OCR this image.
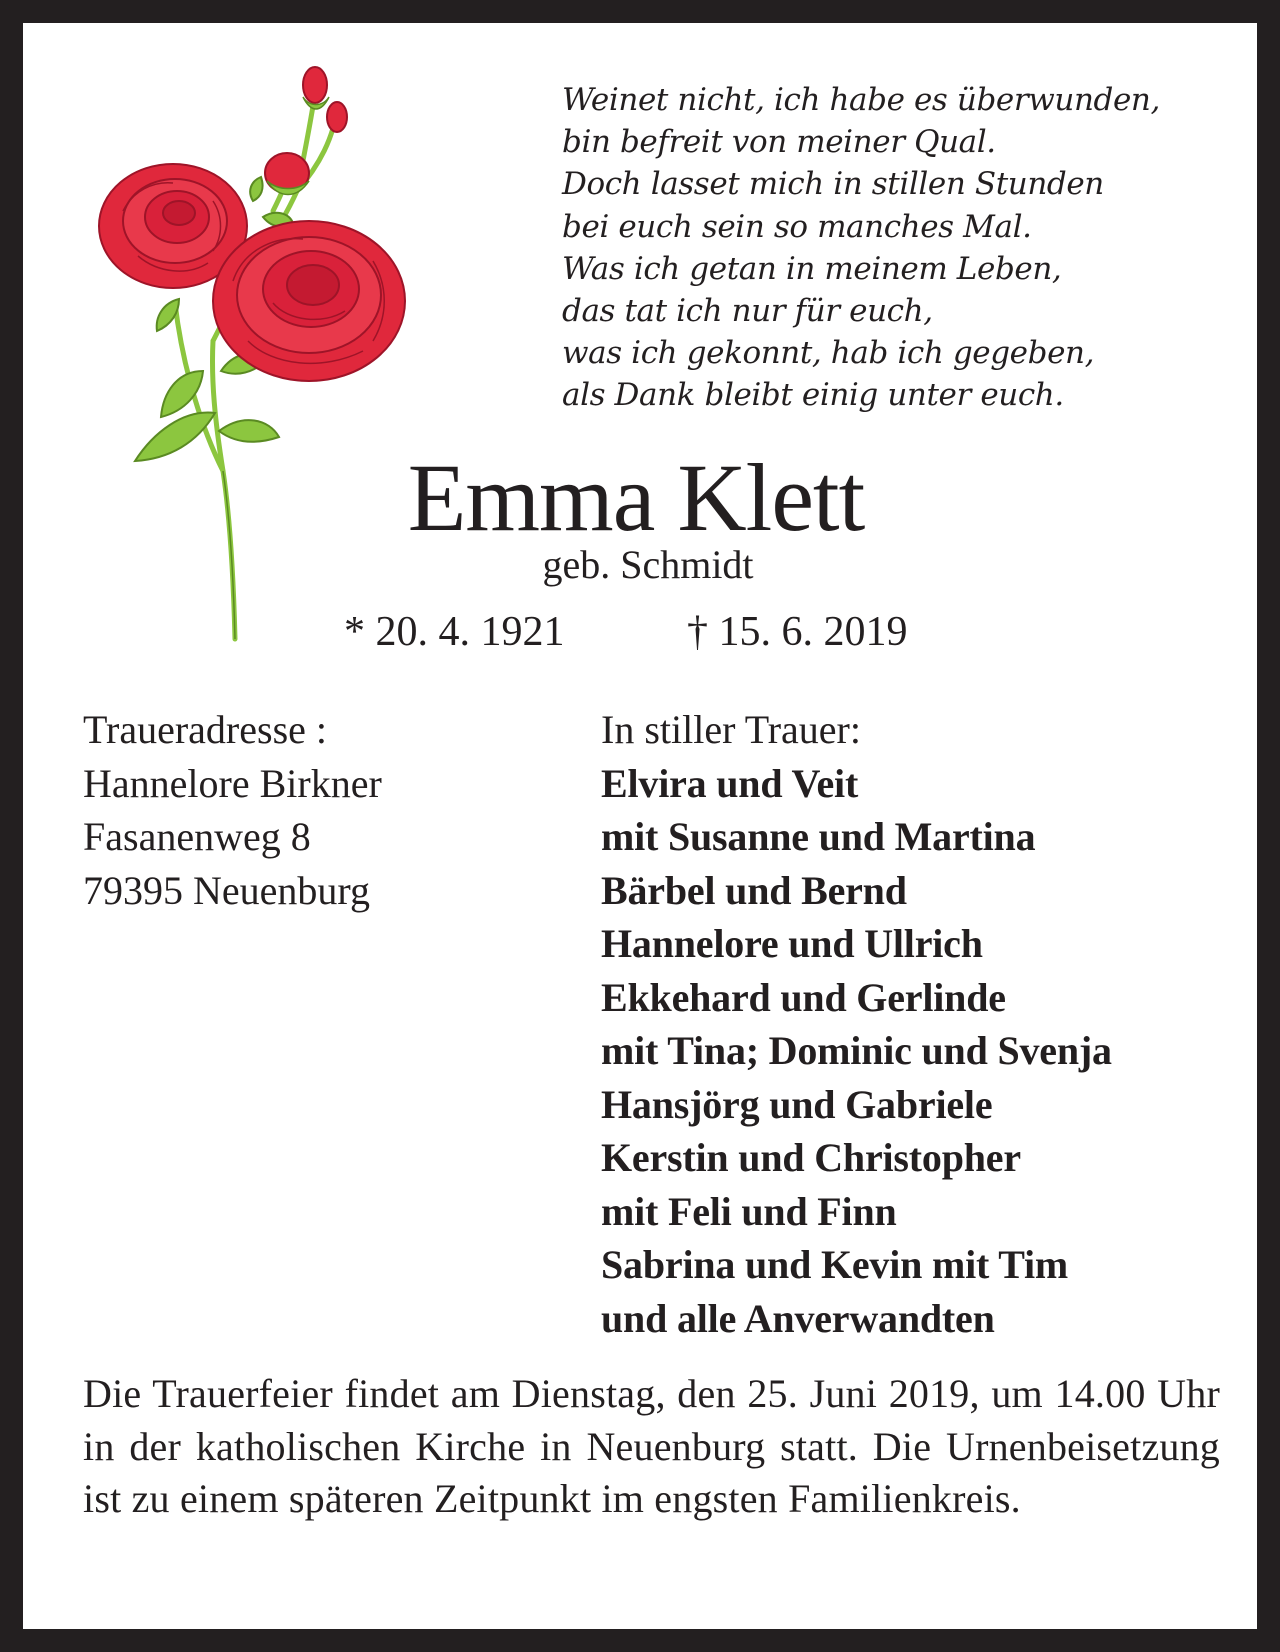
Weinet nicht, ich habe es überwunden,
bin befreit von meiner Qual.
Doch lasset mich in stillen Stunden
bei euch sein so manches Mal.
Was ich getan in meinem Leben,
das tat ich nur für euch,
was ich gekonnt, hab ich gegeben,
als Dank bleibt einig unter euch.
Emma Klett
geb. Schmidt
* 20. 4. 1921	† 15. 6. 2019
Traueradresse :
Hannelore Birkner
Fasanenweg 8
79395 Neuenburg
In stiller Trauer:
Elvira und Veit
mit Susanne und Martina
Bärbel und Bernd
Hannelore und Ullrich
Ekkehard und Gerlinde
mit Tina; Dominic und Svenja
Hansjörg und Gabriele
Kerstin und Christopher
mit Feli und Finn
Sabrina und Kevin mit Tim
und alle Anverwandten
Die Trauerfeier findet am Dienstag, den 25. Juni 2019, um 14.00 Uhr in der katholischen Kirche in Neuenburg statt. Die Urnenbeisetzung ist zu einem späteren Zeitpunkt im engsten Familienkreis.
